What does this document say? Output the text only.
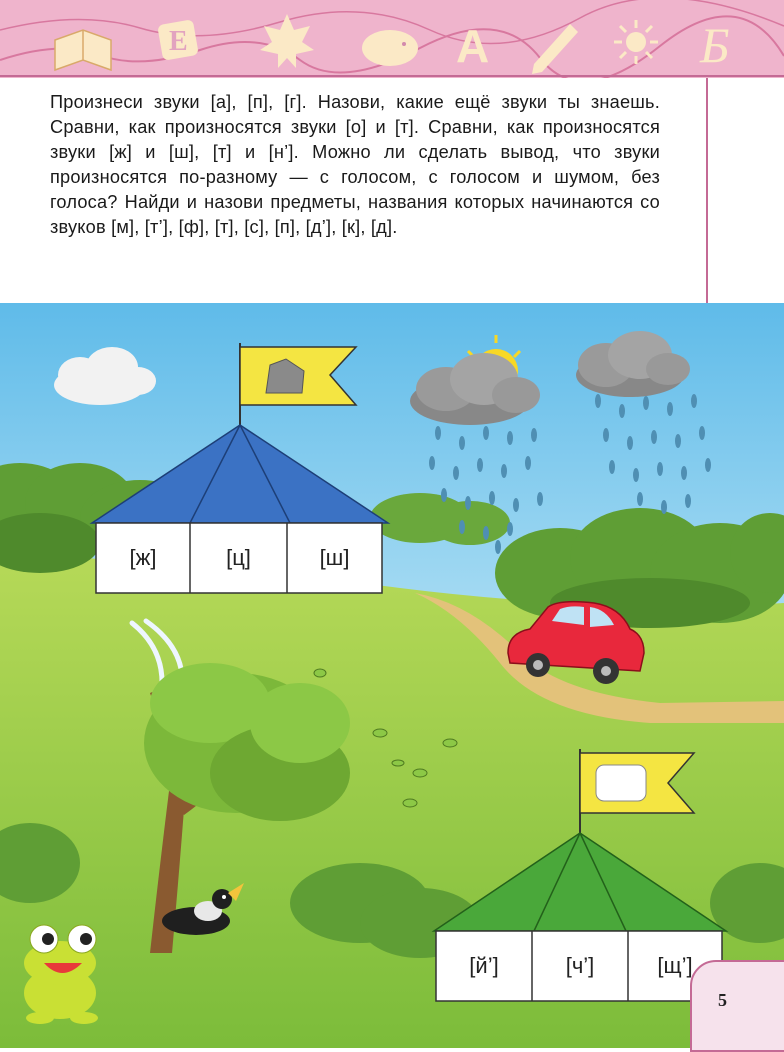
Е	A	Б

Произнеси звуки [а], [п], [г]. Назови, какие ещё звуки ты знаешь. Сравни, как произносятся звуки [о] и [т]. Сравни, как произносятся звуки [ж] и [ш], [т] и [н’]. Можно ли сделать вывод, что звуки произносятся по-разному — с голосом, с голосом и шумом, без голоса? Найди и назови предметы, названия которых начинаются со звуков [м], [т’], [ф], [т], [с], [п], [д’], [к], [д].

[ж]	[ц]	[ш]
[й’]	[ч’]	[щ’]
5
